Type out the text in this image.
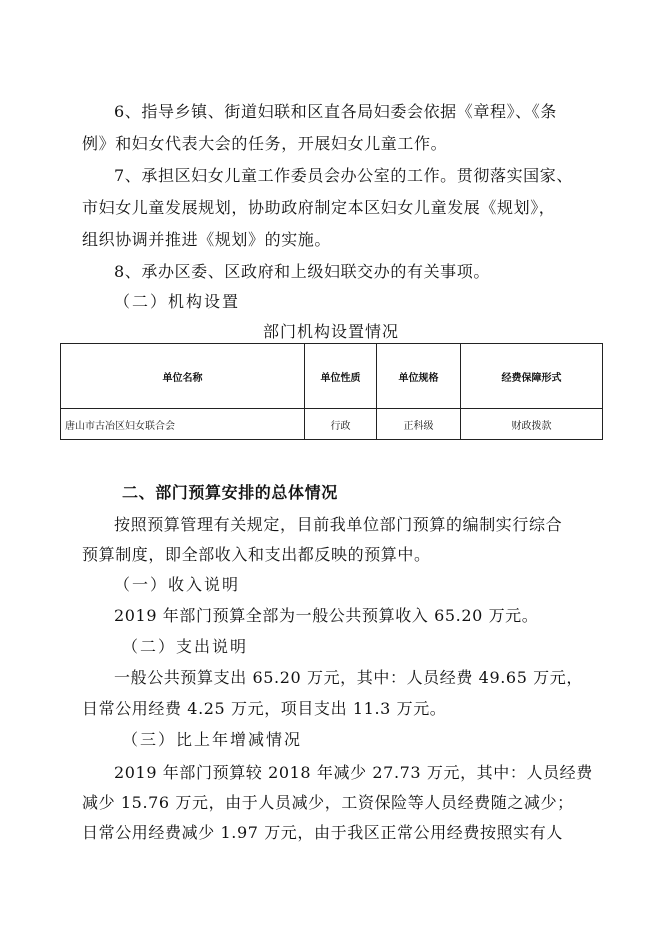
6、指导乡镇、街道妇联和区直各局妇委会依据《章程》、《条
例》和妇女代表大会的任务，开展妇女儿童工作。
7、承担区妇女儿童工作委员会办公室的工作。贯彻落实国家、
市妇女儿童发展规划，协助政府制定本区妇女儿童发展《规划》，
组织协调并推进《规划》的实施。
8、承办区委、区政府和上级妇联交办的有关事项。
（二）机构设置
部门机构设置情况
单位名称	单位性质	单位规格	经费保障形式
唐山市古冶区妇女联合会	行政	正科级	财政拨款
二、部门预算安排的总体情况
按照预算管理有关规定，目前我单位部门预算的编制实行综合
预算制度，即全部收入和支出都反映的预算中。
（一）收入说明
2019 年部门预算全部为一般公共预算收入 65.20 万元。
（二）支出说明
一般公共预算支出 65.20 万元，其中：人员经费 49.65 万元，
日常公用经费 4.25 万元，项目支出 11.3 万元。
（三）比上年增减情况
2019 年部门预算较 2018 年减少 27.73 万元，其中：人员经费
减少 15.76 万元，由于人员减少，工资保险等人员经费随之减少；
日常公用经费减少 1.97 万元，由于我区正常公用经费按照实有人
